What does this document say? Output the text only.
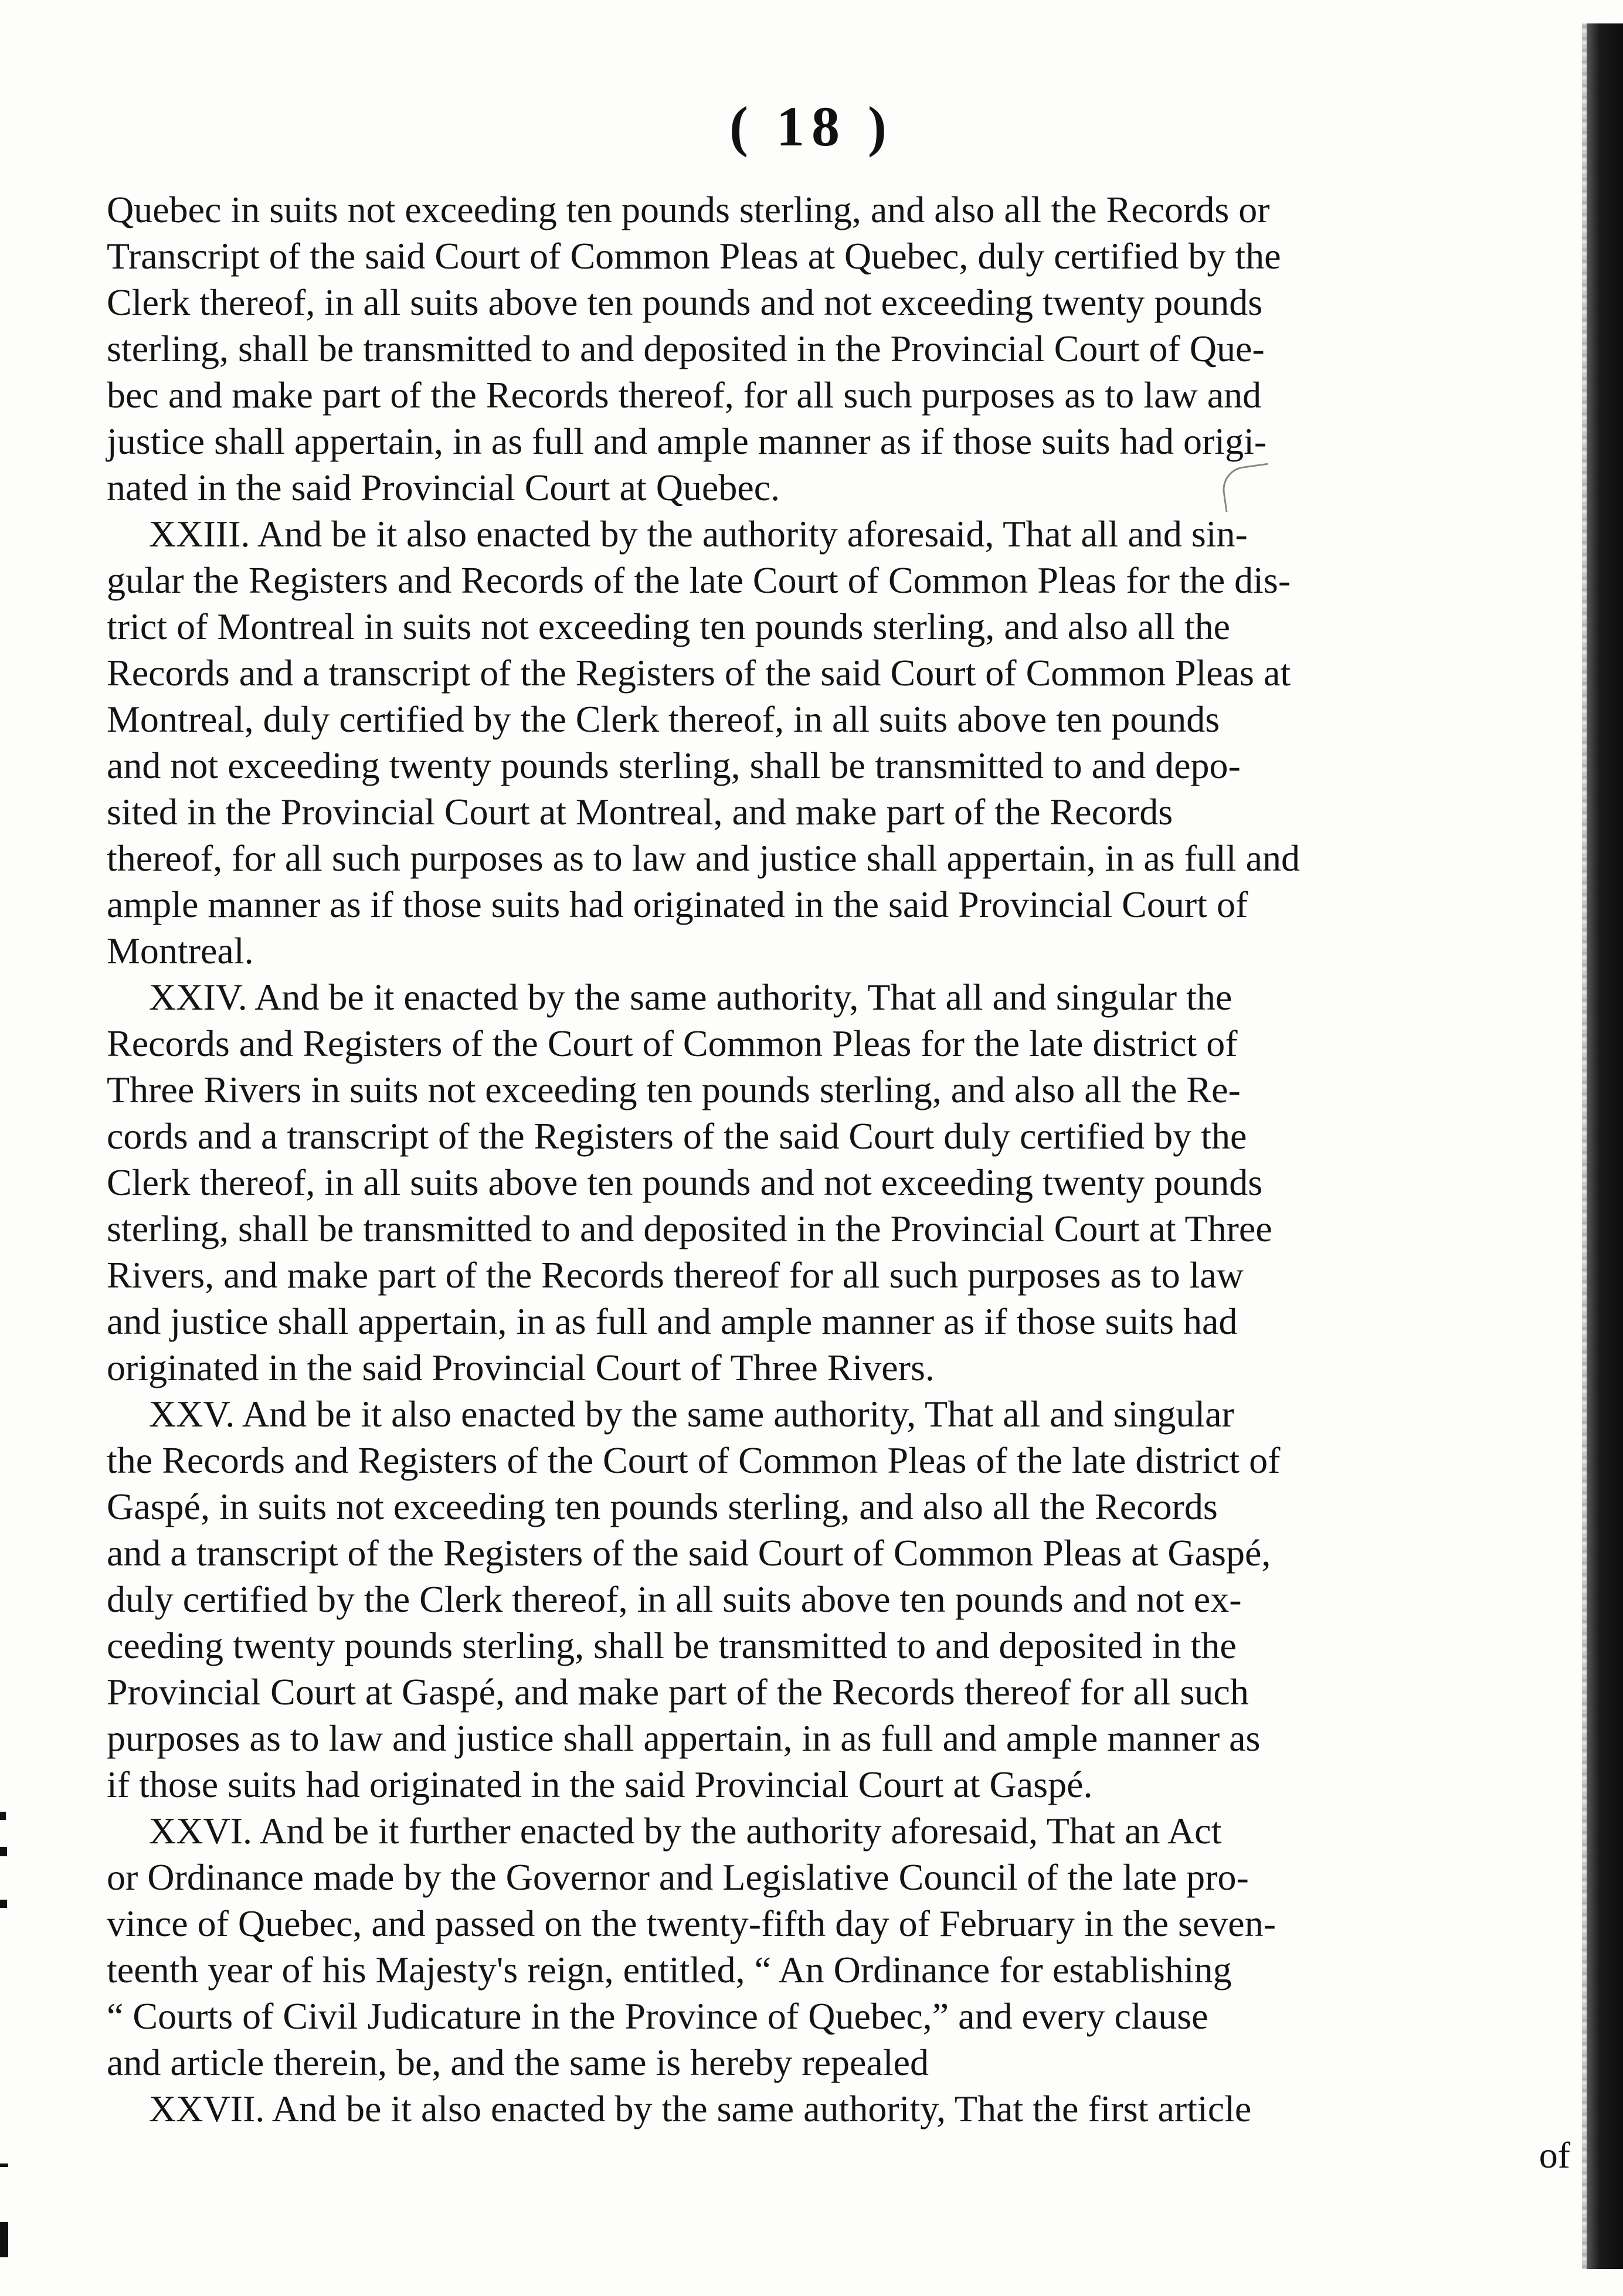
( 18 )
Quebec in suits not exceeding ten pounds sterling, and also all the Records or
Transcript of the said Court of Common Pleas at Quebec, duly certified by the
Clerk thereof, in all suits above ten pounds and not exceeding twenty pounds
sterling, shall be transmitted to and deposited in the Provincial Court of Que-
bec and make part of the Records thereof, for all such purposes as to law and
justice shall appertain, in as full and ample manner as if those suits had origi-
nated in the said Provincial Court at Quebec.
XXIII. And be it also enacted by the authority aforesaid, That all and sin-
gular the Registers and Records of the late Court of Common Pleas for the dis-
trict of Montreal in suits not exceeding ten pounds sterling, and also all the
Records and a transcript of the Registers of the said Court of Common Pleas at
Montreal, duly certified by the Clerk thereof, in all suits above ten pounds
and not exceeding twenty pounds sterling, shall be transmitted to and depo-
sited in the Provincial Court at Montreal, and make part of the Records
thereof, for all such purposes as to law and justice shall appertain, in as full and
ample manner as if those suits had originated in the said Provincial Court of
Montreal.
XXIV. And be it enacted by the same authority, That all and singular the
Records and Registers of the Court of Common Pleas for the late district of
Three Rivers in suits not exceeding ten pounds sterling, and also all the Re-
cords and a transcript of the Registers of the said Court duly certified by the
Clerk thereof, in all suits above ten pounds and not exceeding twenty pounds
sterling, shall be transmitted to and deposited in the Provincial Court at Three
Rivers, and make part of the Records thereof for all such purposes as to law
and justice shall appertain, in as full and ample manner as if those suits had
originated in the said Provincial Court of Three Rivers.
XXV. And be it also enacted by the same authority, That all and singular
the Records and Registers of the Court of Common Pleas of the late district of
Gaspé, in suits not exceeding ten pounds sterling, and also all the Records
and a transcript of the Registers of the said Court of Common Pleas at Gaspé,
duly certified by the Clerk thereof, in all suits above ten pounds and not ex-
ceeding twenty pounds sterling, shall be transmitted to and deposited in the
Provincial Court at Gaspé, and make part of the Records thereof for all such
purposes as to law and justice shall appertain, in as full and ample manner as
if those suits had originated in the said Provincial Court at Gaspé.
XXVI. And be it further enacted by the authority aforesaid, That an Act
or Ordinance made by the Governor and Legislative Council of the late pro-
vince of Quebec, and passed on the twenty-fifth day of February in the seven-
teenth year of his Majesty's reign, entitled, “ An Ordinance for establishing
“ Courts of Civil Judicature in the Province of Quebec,” and every clause
and article therein, be, and the same is hereby repealed
XXVII. And be it also enacted by the same authority, That the first article
of
